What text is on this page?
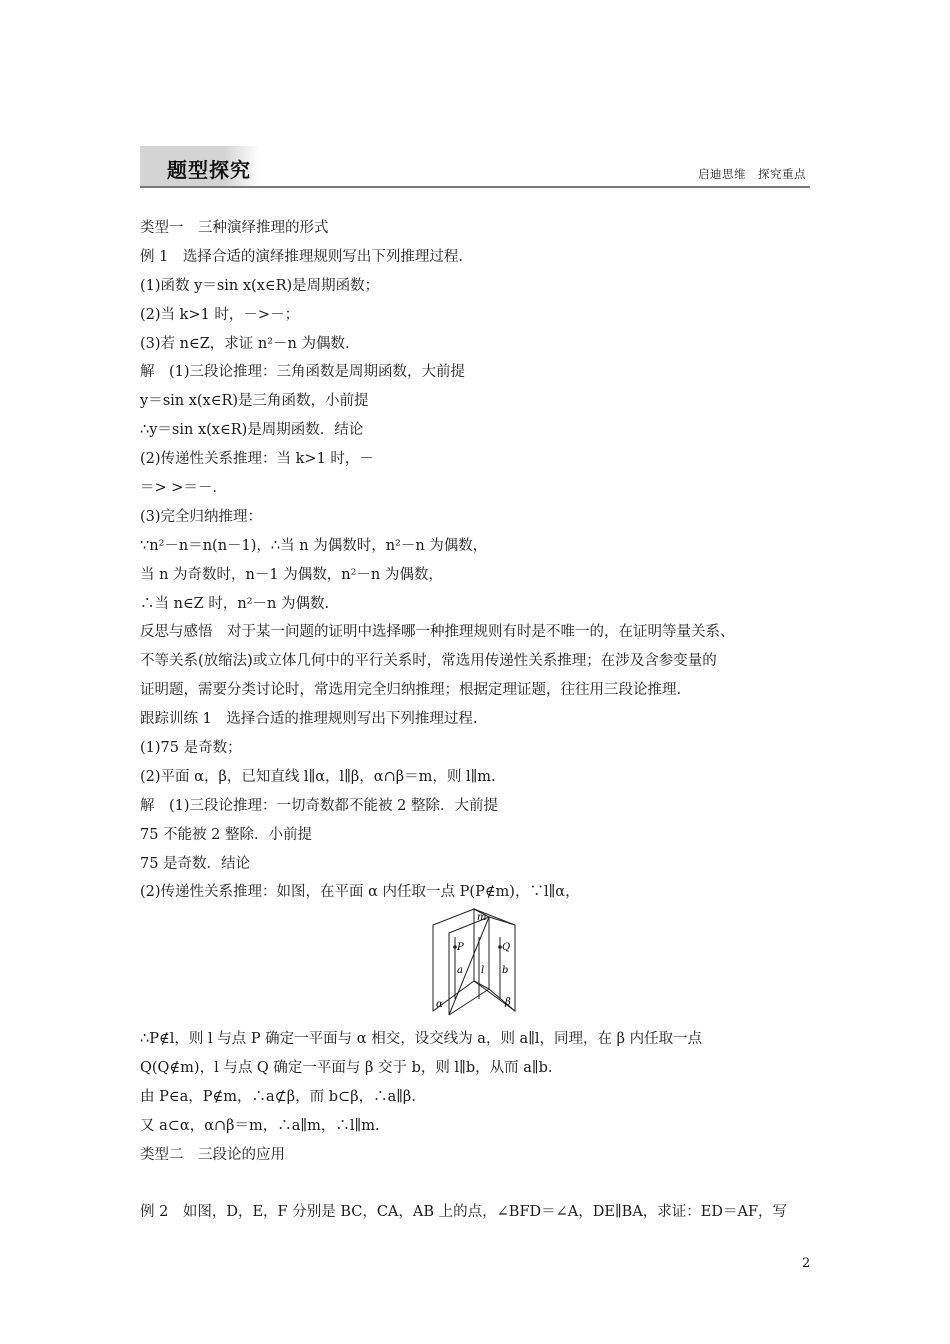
题型探究	启迪思维　探究重点
类型一　三种演绎推理的形式
例 1　选择合适的演绎推理规则写出下列推理过程.
(1)函数 y＝sin x(x∈R)是周期函数；
(2)当 k>1 时，－>－；
(3)若 n∈Z，求证 n²－n 为偶数.
解　(1)三段论推理：三角函数是周期函数，大前提
y＝sin x(x∈R)是三角函数，小前提
∴y＝sin x(x∈R)是周期函数．结论
(2)传递性关系推理：当 k>1 时，－
＝> >＝－.
(3)完全归纳推理：
∵n²－n＝n(n－1)，∴当 n 为偶数时，n²－n 为偶数，
当 n 为奇数时，n－1 为偶数，n²－n 为偶数，
∴当 n∈Z 时，n²－n 为偶数.
反思与感悟　对于某一问题的证明中选择哪一种推理规则有时是不唯一的，在证明等量关系、
不等关系(放缩法)或立体几何中的平行关系时，常选用传递性关系推理；在涉及含参变量的
证明题，需要分类讨论时，常选用完全归纳推理；根据定理证题，往往用三段论推理.
跟踪训练 1　选择合适的推理规则写出下列推理过程.
(1)75 是奇数；
(2)平面 α，β，已知直线 l∥α，l∥β，α∩β＝m，则 l∥m.
解　(1)三段论推理：一切奇数都不能被 2 整除．大前提
75 不能被 2 整除．小前提
75 是奇数．结论
(2)传递性关系推理：如图，在平面 α 内任取一点 P(P∉m)，∵l∥α，
m
P	Q
a l b
α	β
∴P∉l，则 l 与点 P 确定一平面与 α 相交，设交线为 a，则 a∥l，同理，在 β 内任取一点
Q(Q∉m)，l 与点 Q 确定一平面与 β 交于 b，则 l∥b，从而 a∥b.
由 P∈a，P∉m，∴a⊄β，而 b⊂β，∴a∥β.
又 a⊂α，α∩β＝m，∴a∥m，∴l∥m.
类型二　三段论的应用
例 2　如图，D，E，F 分别是 BC，CA，AB 上的点，∠BFD＝∠A，DE∥BA，求证：ED＝AF，写
2
